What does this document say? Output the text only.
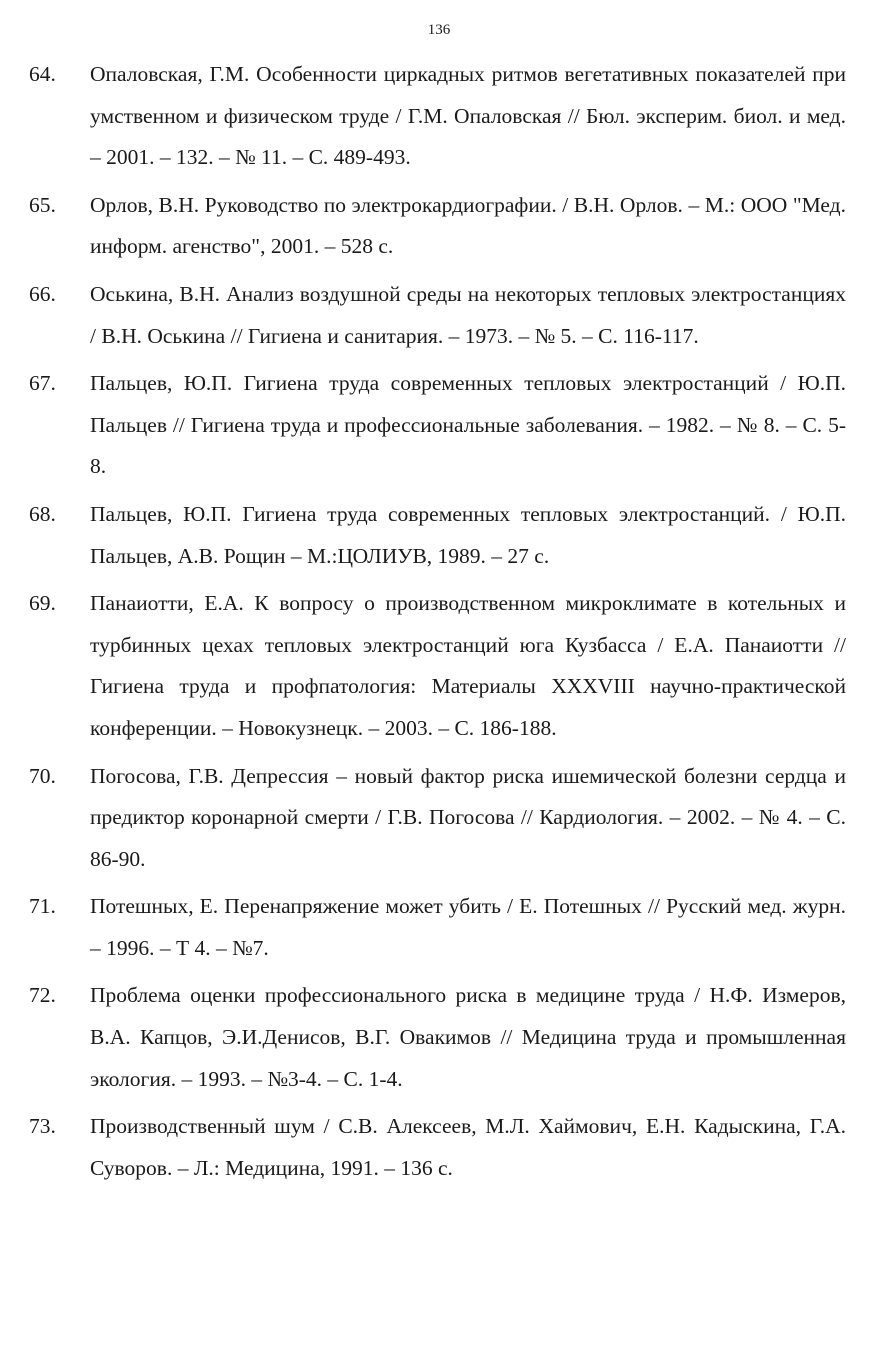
136
64.	Опаловская, Г.М. Особенности циркадных ритмов вегетативных показателей при умственном и физическом труде / Г.М. Опаловская // Бюл. эксперим. биол. и мед. – 2001. – 132. – № 11. – С. 489-493.
65.	Орлов, В.Н. Руководство по электрокардиографии. / В.Н. Орлов. – М.: ООО "Мед. информ. агенство", 2001. – 528 с.
66.	Оськина, В.Н. Анализ воздушной среды на некоторых тепловых электростанциях / В.Н. Оськина // Гигиена и санитария. – 1973. – № 5. – С. 116-117.
67.	Пальцев, Ю.П. Гигиена труда современных тепловых электростанций / Ю.П. Пальцев // Гигиена труда и профессиональные заболевания. – 1982. – № 8. – С. 5-8.
68.	Пальцев, Ю.П. Гигиена труда современных тепловых электростанций. / Ю.П. Пальцев, А.В. Рощин – М.:ЦОЛИУВ, 1989. – 27 с.
69.	Панаиотти, Е.А. К вопросу о производственном микроклимате в котельных и турбинных цехах тепловых электростанций юга Кузбасса / Е.А. Панаиотти // Гигиена труда и профпатология: Материалы XXXVIII научно-практической конференции. – Новокузнецк. – 2003. – С. 186-188.
70.	Погосова, Г.В. Депрессия – новый фактор риска ишемической болезни сердца и предиктор коронарной смерти / Г.В. Погосова // Кардиология. – 2002. – № 4. – С. 86-90.
71.	Потешных, Е. Перенапряжение может убить / Е. Потешных // Русский мед. журн. – 1996. – Т 4. – №7.
72.	Проблема оценки профессионального риска в медицине труда / Н.Ф. Измеров, В.А. Капцов, Э.И.Денисов, В.Г. Овакимов // Медицина труда и промышленная экология. – 1993. – №3-4. – С. 1-4.
73.	Производственный шум / С.В. Алексеев, М.Л. Хаймович, Е.Н. Кадыскина, Г.А. Суворов. – Л.: Медицина, 1991. – 136 с.
